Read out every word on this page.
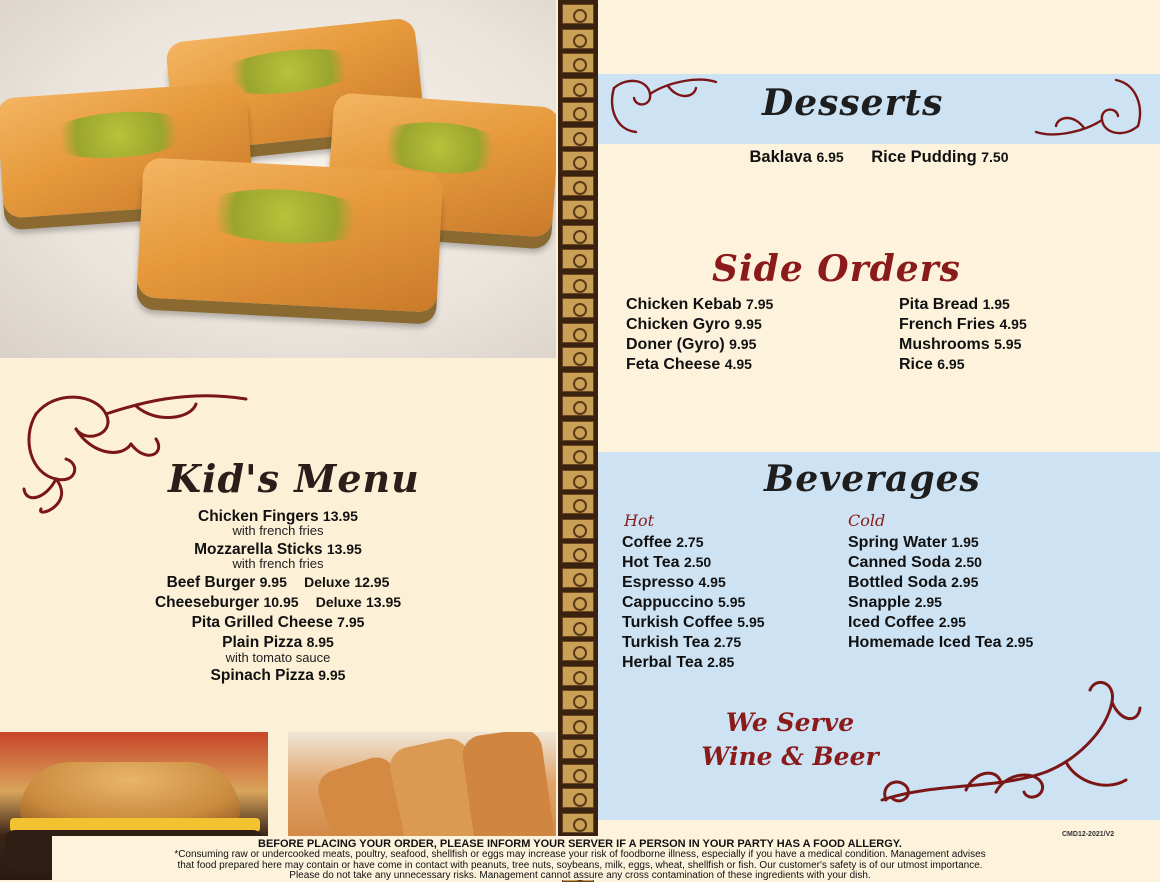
Kid's Menu
Chicken Fingers 13.95
with french fries
Mozzarella Sticks 13.95
with french fries
Beef Burger 9.95 Deluxe 12.95
Cheeseburger 10.95 Deluxe 13.95
Pita Grilled Cheese 7.95
Plain Pizza 8.95
with tomato sauce
Spinach Pizza 9.95
Desserts
Baklava 6.95 Rice Pudding 7.50
Side Orders
Chicken Kebab 7.95
Chicken Gyro 9.95
Doner (Gyro) 9.95
Feta Cheese 4.95
Pita Bread 1.95
French Fries 4.95
Mushrooms 5.95
Rice 6.95
Beverages
Hot	Cold
Coffee 2.75
Hot Tea 2.50
Espresso 4.95
Cappuccino 5.95
Turkish Coffee 5.95
Turkish Tea 2.75
Herbal Tea 2.85
Spring Water 1.95
Canned Soda 2.50
Bottled Soda 2.95
Snapple 2.95
Iced Coffee 2.95
Homemade Iced Tea 2.95
We Serve
Wine & Beer
CMD12-2021/V2
BEFORE PLACING YOUR ORDER, PLEASE INFORM YOUR SERVER IF A PERSON IN YOUR PARTY HAS A FOOD ALLERGY.
*Consuming raw or undercooked meats, poultry, seafood, shellfish or eggs may increase your risk of foodborne illness, especially if you have a medical condition. Management advises
that food prepared here may contain or have come in contact with peanuts, tree nuts, soybeans, milk, eggs, wheat, shellfish or fish. Our customer's safety is of our utmost importance.
Please do not take any unnecessary risks. Management cannot assure any cross contamination of these ingredients with your dish.
